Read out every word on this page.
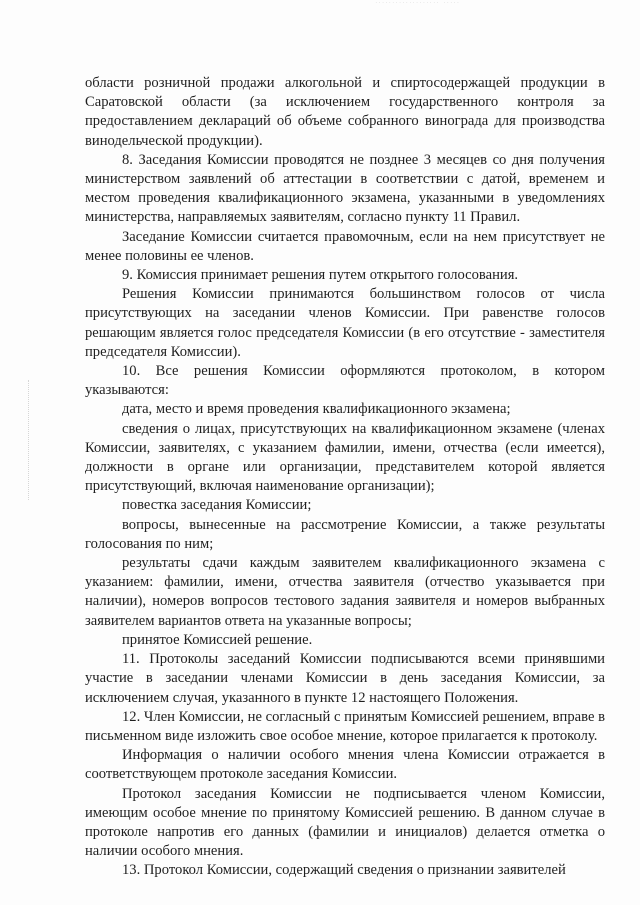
··················· ·····

области розничной продажи алкогольной и спиртосодержащей продукции в Саратовской области (за исключением государственного контроля за предоставлением деклараций об объеме собранного винограда для производства винодельческой продукции).

8. Заседания Комиссии проводятся не позднее 3 месяцев со дня получения министерством заявлений об аттестации в соответствии с датой, временем и местом проведения квалификационного экзамена, указанными в уведомлениях министерства, направляемых заявителям, согласно пункту 11 Правил.

Заседание Комиссии считается правомочным, если на нем присутствует не менее половины ее членов.

9. Комиссия принимает решения путем открытого голосования.

Решения Комиссии принимаются большинством голосов от числа присутствующих на заседании членов Комиссии. При равенстве голосов решающим является голос председателя Комиссии (в его отсутствие - заместителя председателя Комиссии).

10. Все решения Комиссии оформляются протоколом, в котором указываются:

дата, место и время проведения квалификационного экзамена;

сведения о лицах, присутствующих на квалификационном экзамене (членах Комиссии, заявителях, с указанием фамилии, имени, отчества (если имеется), должности в органе или организации, представителем которой является присутствующий, включая наименование организации);

повестка заседания Комиссии;

вопросы, вынесенные на рассмотрение Комиссии, а также результаты голосования по ним;

результаты сдачи каждым заявителем квалификационного экзамена с указанием: фамилии, имени, отчества заявителя (отчество указывается при наличии), номеров вопросов тестового задания заявителя и номеров выбранных заявителем вариантов ответа на указанные вопросы;

принятое Комиссией решение.

11. Протоколы заседаний Комиссии подписываются всеми принявшими участие в заседании членами Комиссии в день заседания Комиссии, за исключением случая, указанного в пункте 12 настоящего Положения.

12. Член Комиссии, не согласный с принятым Комиссией решением, вправе в письменном виде изложить свое особое мнение, которое прилагается к протоколу.

Информация о наличии особого мнения члена Комиссии отражается в соответствующем протоколе заседания Комиссии.

Протокол заседания Комиссии не подписывается членом Комиссии, имеющим особое мнение по принятому Комиссией решению. В данном случае в протоколе напротив его данных (фамилии и инициалов) делается отметка о наличии особого мнения.

13. Протокол Комиссии, содержащий сведения о признании заявителей
